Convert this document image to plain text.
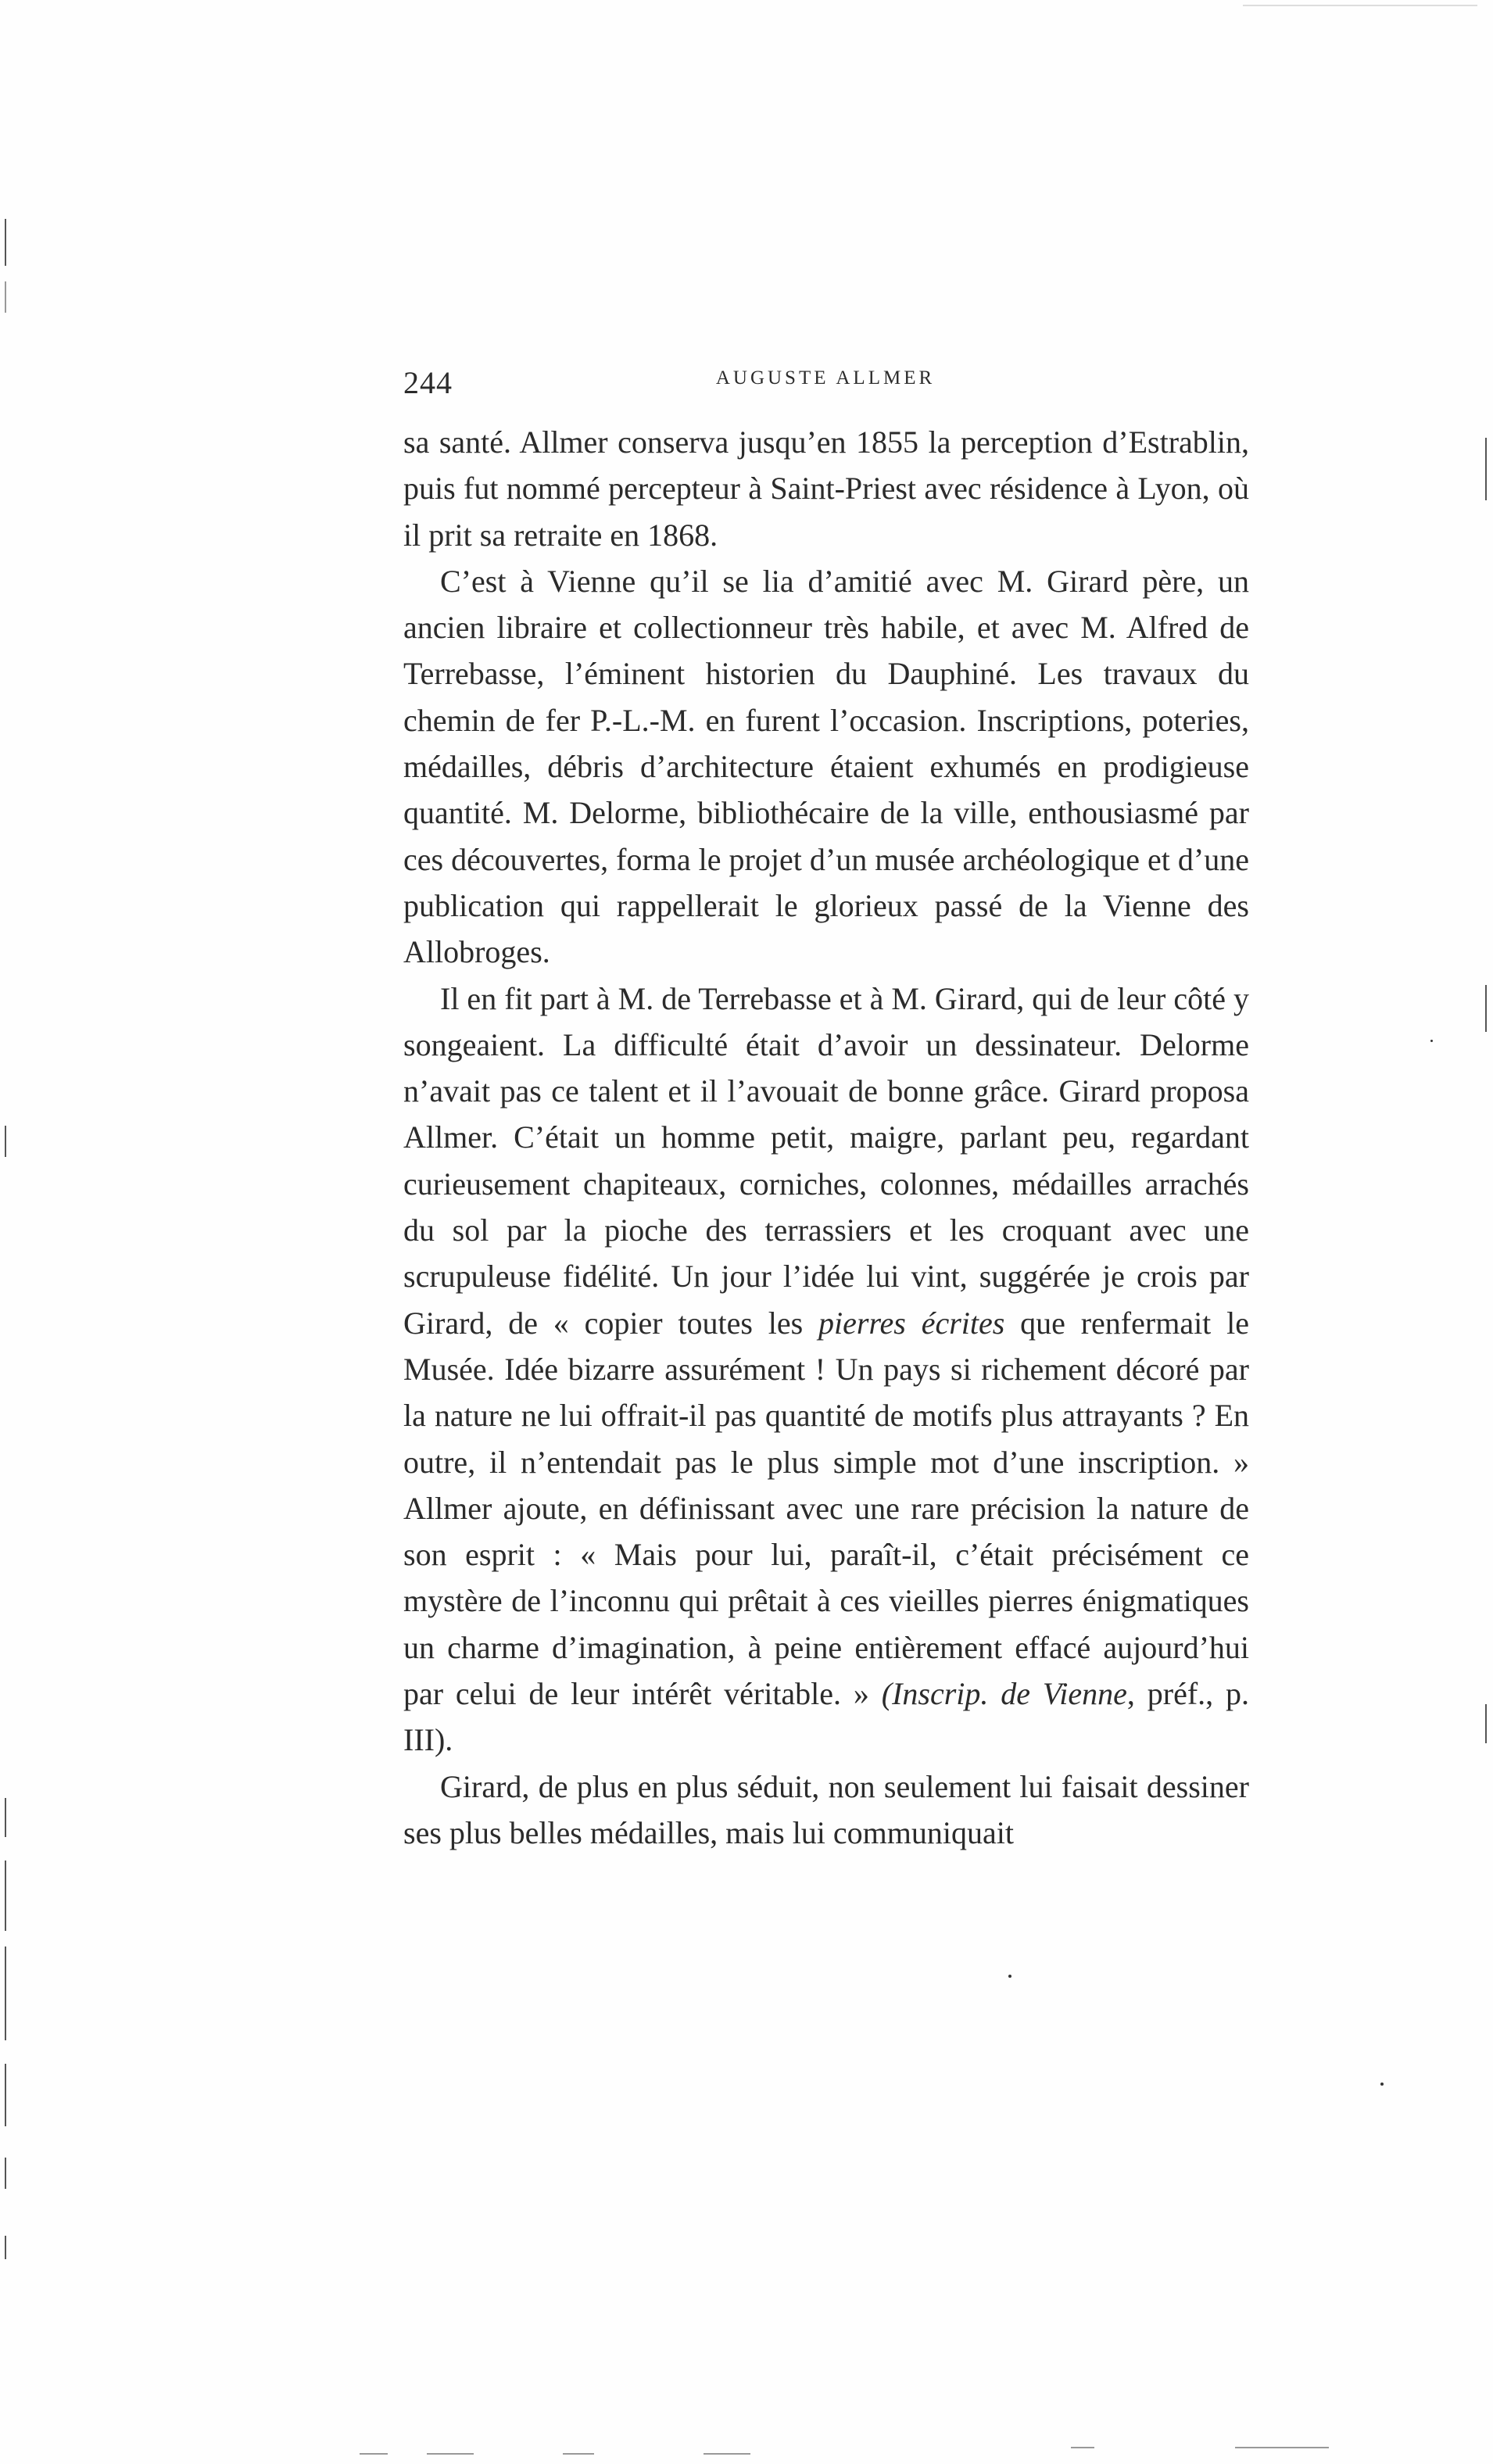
244	AUGUSTE ALLMER

sa santé. Allmer conserva jusqu’en 1855 la perception d’Estrablin, puis fut nommé percepteur à Saint-Priest avec résidence à Lyon, où il prit sa retraite en 1868.

C’est à Vienne qu’il se lia d’amitié avec M. Girard père, un ancien libraire et collectionneur très habile, et avec M. Alfred de Terrebasse, l’éminent historien du Dauphiné. Les travaux du chemin de fer P.-L.-M. en furent l’occasion. Inscriptions, poteries, médailles, débris d’architecture étaient exhumés en prodigieuse quantité. M. Delorme, bibliothécaire de la ville, enthousiasmé par ces découvertes, forma le projet d’un musée archéologique et d’une publication qui rappellerait le glorieux passé de la Vienne des Allobroges.

Il en fit part à M. de Terrebasse et à M. Girard, qui de leur côté y songeaient. La difficulté était d’avoir un dessinateur. Delorme n’avait pas ce talent et il l’avouait de bonne grâce. Girard proposa Allmer. C’était un homme petit, maigre, parlant peu, regardant curieusement chapiteaux, corniches, colonnes, médailles arrachés du sol par la pioche des terrassiers et les croquant avec une scrupuleuse fidélité. Un jour l’idée lui vint, suggérée je crois par Girard, de « copier toutes les pierres écrites que renfermait le Musée. Idée bizarre assurément ! Un pays si richement décoré par la nature ne lui offrait-il pas quantité de motifs plus attrayants ? En outre, il n’entendait pas le plus simple mot d’une inscription. » Allmer ajoute, en définissant avec une rare précision la nature de son esprit : « Mais pour lui, paraît-il, c’était précisément ce mystère de l’inconnu qui prêtait à ces vieilles pierres énigmatiques un charme d’imagination, à peine entièrement effacé aujourd’hui par celui de leur intérêt véritable. » (Inscrip. de Vienne, préf., p. III).

Girard, de plus en plus séduit, non seulement lui faisait dessiner ses plus belles médailles, mais lui communiquait
